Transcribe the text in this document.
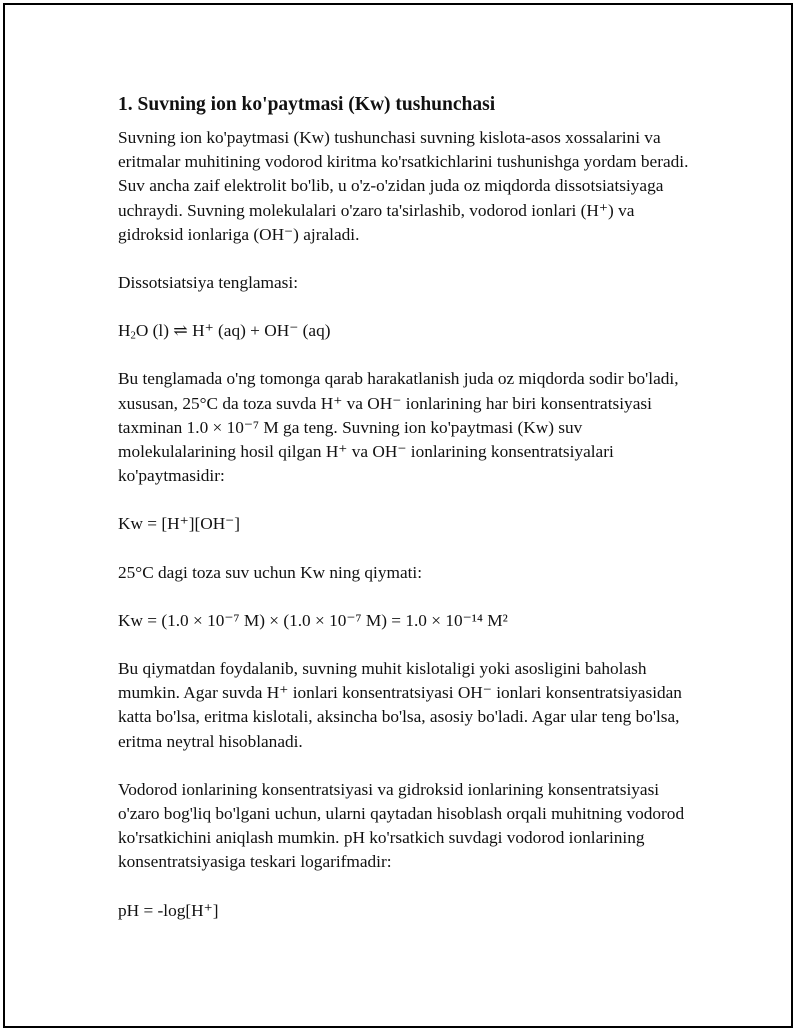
1. Suvning ion ko'paytmasi (Kw) tushunchasi

Suvning ion ko'paytmasi (Kw) tushunchasi suvning kislota-asos xossalarini va eritmalar muhitining vodorod kiritma ko'rsatkichlarini tushunishga yordam beradi. Suv ancha zaif elektrolit bo'lib, u o'z-o'zidan juda oz miqdorda dissotsiatsiyaga uchraydi. Suvning molekulalari o'zaro ta'sirlashib, vodorod ionlari (H⁺) va gidroksid ionlariga (OH⁻) ajraladi.

Dissotsiatsiya tenglamasi:

$H_2O$ (l) ⇌ H⁺ (aq) + OH⁻ (aq)

Bu tenglamada o'ng tomonga qarab harakatlanish juda oz miqdorda sodir bo'ladi, xususan, 25°C da toza suvda H⁺ va OH⁻ ionlarining har biri konsentratsiyasi taxminan 1.0 × 10⁻⁷ M ga teng. Suvning ion ko'paytmasi (Kw) suv molekulalarining hosil qilgan H⁺ va OH⁻ ionlarining konsentratsiyalari ko'paytmasidir:

Kw = [H⁺][OH⁻]

25°C dagi toza suv uchun Kw ning qiymati:

Kw = (1.0 × 10⁻⁷ M) × (1.0 × 10⁻⁷ M) = 1.0 × 10⁻¹⁴ M²

Bu qiymatdan foydalanib, suvning muhit kislotaligi yoki asosligini baholash mumkin. Agar suvda H⁺ ionlari konsentratsiyasi OH⁻ ionlari konsentratsiyasidan katta bo'lsa, eritma kislotali, aksincha bo'lsa, asosiy bo'ladi. Agar ular teng bo'lsa, eritma neytral hisoblanadi.

Vodorod ionlarining konsentratsiyasi va gidroksid ionlarining konsentratsiyasi o'zaro bog'liq bo'lgani uchun, ularni qaytadan hisoblash orqali muhitning vodorod ko'rsatkichini aniqlash mumkin. pH ko'rsatkich suvdagi vodorod ionlarining konsentratsiyasiga teskari logarifmadir:

pH = -log[H⁺]
